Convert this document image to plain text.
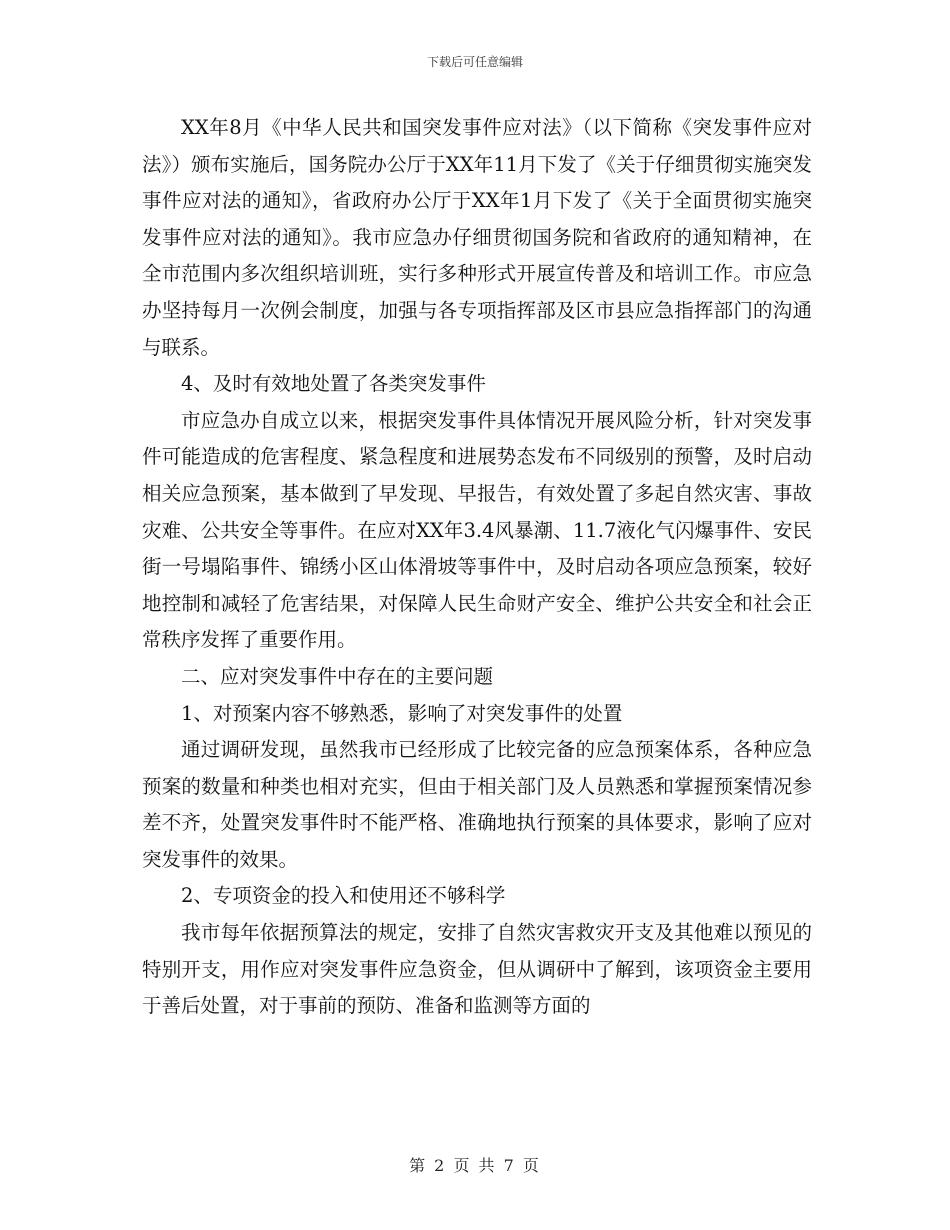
下载后可任意编辑

XX年8月《中华人民共和国突发事件应对法》（以下简称《突发事件应对法》）颁布实施后，国务院办公厅于XX年11月下发了《关于仔细贯彻实施突发事件应对法的通知》，省政府办公厅于XX年1月下发了《关于全面贯彻实施突发事件应对法的通知》。我市应急办仔细贯彻国务院和省政府的通知精神，在全市范围内多次组织培训班，实行多种形式开展宣传普及和培训工作。市应急办坚持每月一次例会制度，加强与各专项指挥部及区市县应急指挥部门的沟通与联系。

4、及时有效地处置了各类突发事件

市应急办自成立以来，根据突发事件具体情况开展风险分析，针对突发事件可能造成的危害程度、紧急程度和进展势态发布不同级别的预警，及时启动相关应急预案，基本做到了早发现、早报告，有效处置了多起自然灾害、事故灾难、公共安全等事件。在应对XX年3.4风暴潮、11.7液化气闪爆事件、安民街一号塌陷事件、锦绣小区山体滑坡等事件中，及时启动各项应急预案，较好地控制和减轻了危害结果，对保障人民生命财产安全、维护公共安全和社会正常秩序发挥了重要作用。

二、应对突发事件中存在的主要问题

1、对预案内容不够熟悉，影响了对突发事件的处置

通过调研发现，虽然我市已经形成了比较完备的应急预案体系，各种应急预案的数量和种类也相对充实，但由于相关部门及人员熟悉和掌握预案情况参差不齐，处置突发事件时不能严格、准确地执行预案的具体要求，影响了应对突发事件的效果。

2、专项资金的投入和使用还不够科学

我市每年依据预算法的规定，安排了自然灾害救灾开支及其他难以预见的特别开支，用作应对突发事件应急资金，但从调研中了解到，该项资金主要用于善后处置，对于事前的预防、准备和监测等方面的

第 2 页 共 7 页
